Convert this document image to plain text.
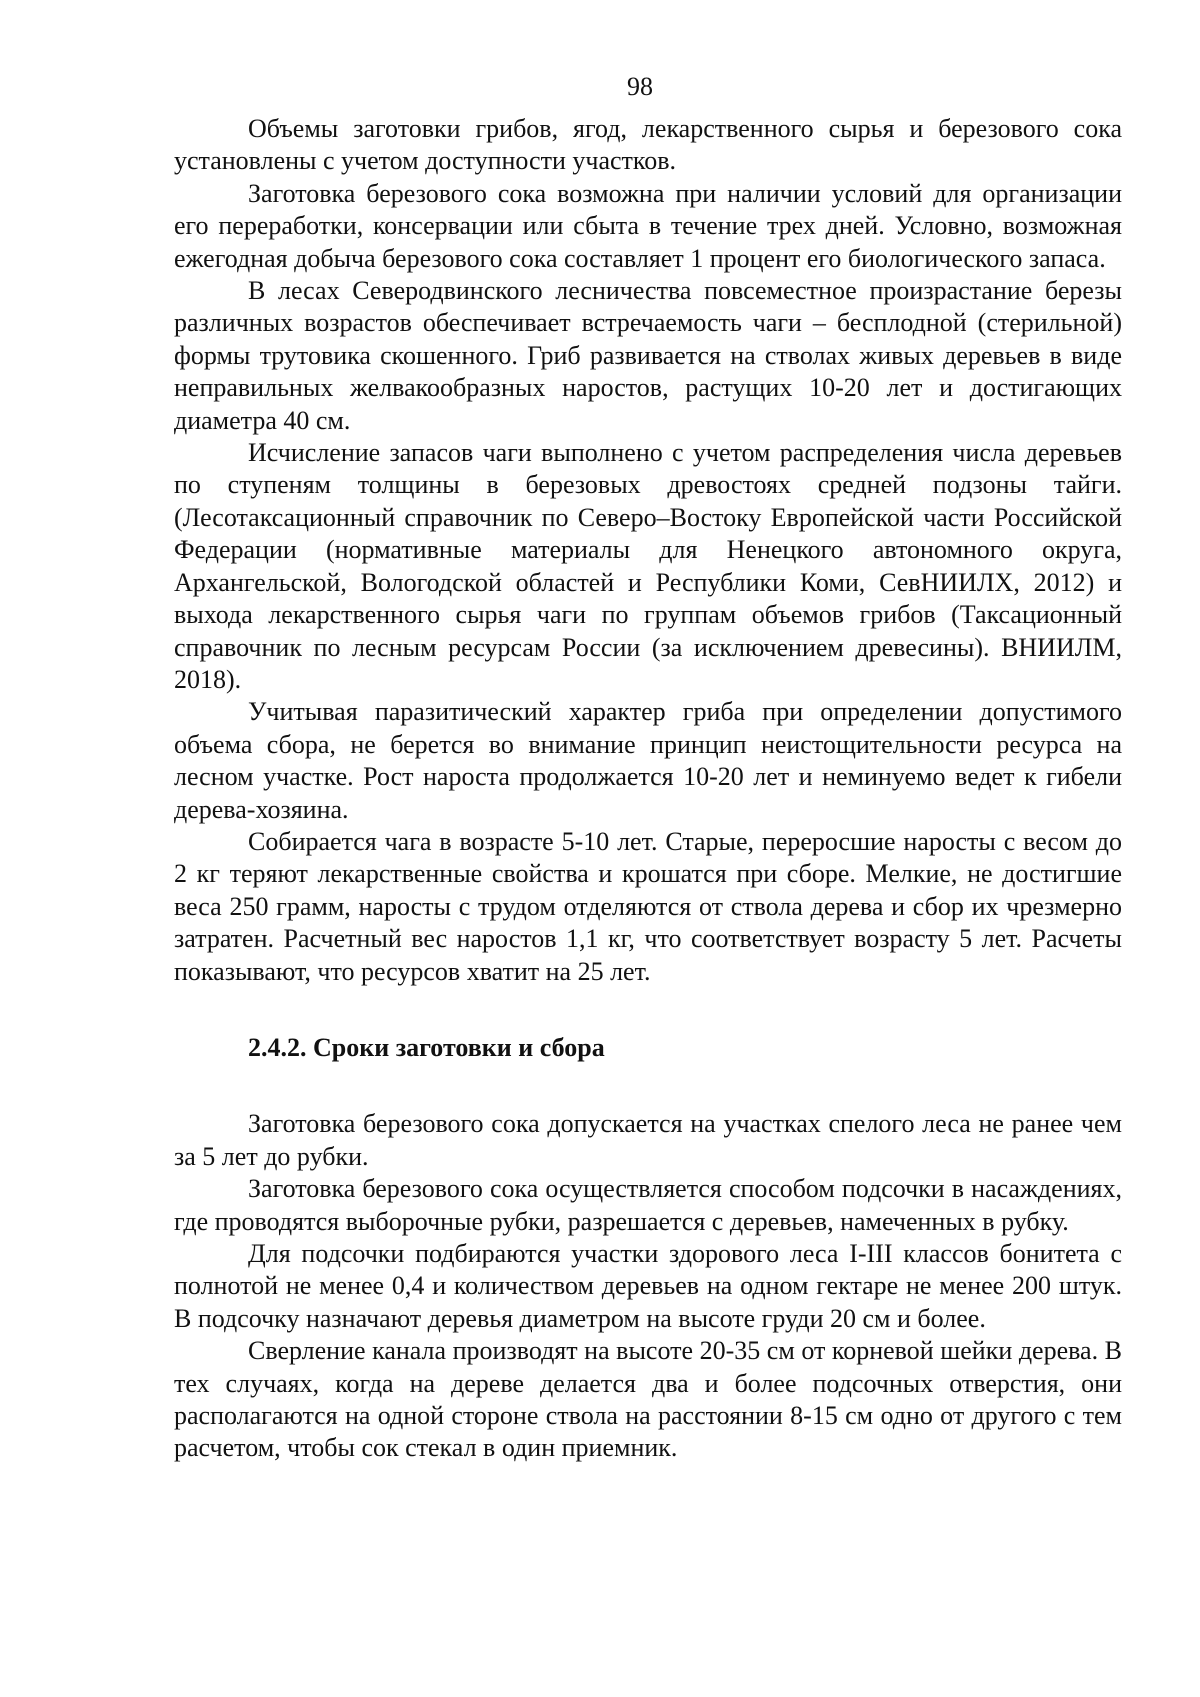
98

Объемы заготовки грибов, ягод, лекарственного сырья и березового сока установлены с учетом доступности участков.

Заготовка березового сока возможна при наличии условий для организации его переработки, консервации или сбыта в течение трех дней. Условно, возможная ежегодная добыча березового сока составляет 1 процент его биологического запаса.

В лесах Северодвинского лесничества повсеместное произрастание березы различных возрастов обеспечивает встречаемость чаги – бесплодной (стерильной) формы трутовика скошенного. Гриб развивается на стволах живых деревьев в виде неправильных желвакообразных наростов, растущих 10-20 лет и достигающих диаметра 40 см.

Исчисление запасов чаги выполнено с учетом распределения числа деревьев по ступеням толщины в березовых древостоях средней подзоны тайги. (Лесотаксационный справочник по Северо–Востоку Европейской части Российской Федерации (нормативные материалы для Ненецкого автономного округа, Архангельской, Вологодской областей и Республики Коми, СевНИИЛХ, 2012) и выхода лекарственного сырья чаги по группам объемов грибов (Таксационный справочник по лесным ресурсам России (за исключением древесины). ВНИИЛМ, 2018).

Учитывая паразитический характер гриба при определении допустимого объема сбора, не берется во внимание принцип неистощительности ресурса на лесном участке. Рост нароста продолжается 10-20 лет и неминуемо ведет к гибели дерева-хозяина.

Собирается чага в возрасте 5-10 лет. Старые, переросшие наросты с весом до 2 кг теряют лекарственные свойства и крошатся при сборе. Мелкие, не достигшие веса 250 грамм, наросты с трудом отделяются от ствола дерева и сбор их чрезмерно затратен. Расчетный вес наростов 1,1 кг, что соответствует возрасту 5 лет. Расчеты показывают, что ресурсов хватит на 25 лет.

2.4.2. Сроки заготовки и сбора

Заготовка березового сока допускается на участках спелого леса не ранее чем за 5 лет до рубки.

Заготовка березового сока осуществляется способом подсочки в насаждениях, где проводятся выборочные рубки, разрешается с деревьев, намеченных в рубку.

Для подсочки подбираются участки здорового леса I-III классов бонитета с полнотой не менее 0,4 и количеством деревьев на одном гектаре не менее 200 штук. В подсочку назначают деревья диаметром на высоте груди 20 см и более.

Сверление канала производят на высоте 20-35 см от корневой шейки дерева. В тех случаях, когда на дереве делается два и более подсочных отверстия, они располагаются на одной стороне ствола на расстоянии 8-15 см одно от другого с тем расчетом, чтобы сок стекал в один приемник.
